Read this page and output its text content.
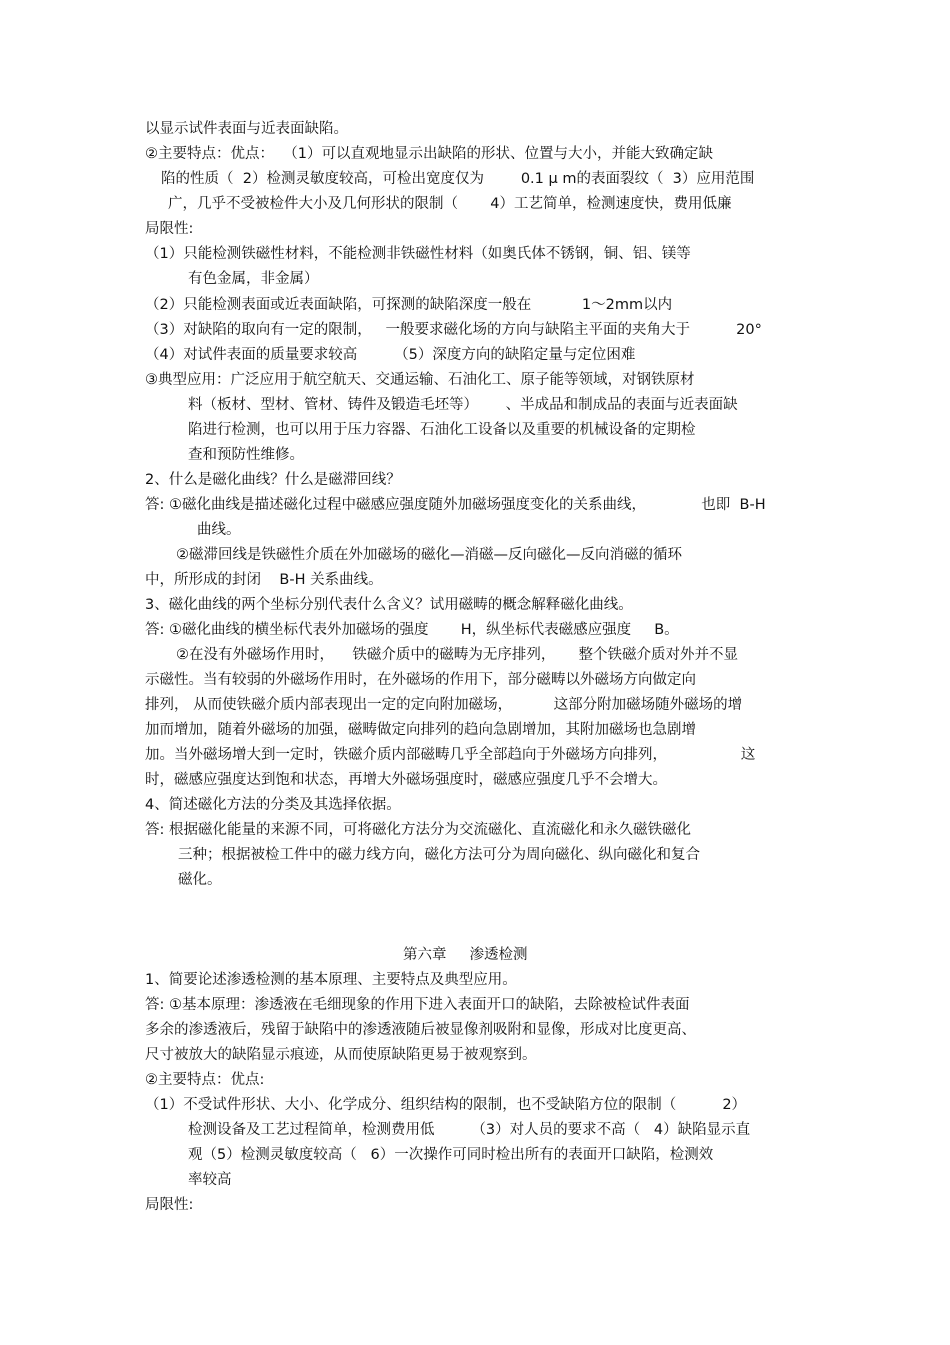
以显示试件表面与近表面缺陷。
②主要特点：优点：  （1）可以直观地显示出缺陷的形状、位置与大小，并能大致确定缺
陷的性质（  2）检测灵敏度较高，可检出宽度仅为        0.1 μ m的表面裂纹（  3）应用范围
广，几乎不受被检件大小及几何形状的限制（       4）工艺简单，检测速度快，费用低廉
局限性:
（1）只能检测铁磁性材料，不能检测非铁磁性材料（如奥氏体不锈钢，铜、铝、镁等
有色金属，非金属）
（2）只能检测表面或近表面缺陷，可探测的缺陷深度一般在           1～2mm以内
（3）对缺陷的取向有一定的限制，   一般要求磁化场的方向与缺陷主平面的夹角大于          20°
（4）对试件表面的质量要求较高        （5）深度方向的缺陷定量与定位困难
③典型应用：广泛应用于航空航天、交通运输、石油化工、原子能等领域，对钢铁原材
料（板材、型材、管材、铸件及锻造毛坯等）      、半成品和制成品的表面与近表面缺
陷进行检测，也可以用于压力容器、石油化工设备以及重要的机械设备的定期检
查和预防性维修。
2、什么是磁化曲线？什么是磁滞回线？
答: ①磁化曲线是描述磁化过程中磁感应强度随外加磁场强度变化的关系曲线，            也即  B-H
曲线。
②磁滞回线是铁磁性介质在外加磁场的磁化—消磁—反向磁化—反向消磁的循环
中，所形成的封闭    B-H 关系曲线。
3、磁化曲线的两个坐标分别代表什么含义？试用磁畴的概念解释磁化曲线。
答: ①磁化曲线的横坐标代表外加磁场的强度       H，纵坐标代表磁感应强度     B。
②在没有外磁场作用时，    铁磁介质中的磁畴为无序排列，     整个铁磁介质对外并不显
示磁性。当有较弱的外磁场作用时，在外磁场的作用下，部分磁畴以外磁场方向做定向
排列， 从而使铁磁介质内部表现出一定的定向附加磁场，         这部分附加磁场随外磁场的增
加而增加，随着外磁场的加强，磁畴做定向排列的趋向急剧增加，其附加磁场也急剧增
加。当外磁场增大到一定时，铁磁介质内部磁畴几乎全部趋向于外磁场方向排列，                这
时，磁感应强度达到饱和状态，再增大外磁场强度时，磁感应强度几乎不会增大。
4、简述磁化方法的分类及其选择依据。
答: 根据磁化能量的来源不同，可将磁化方法分为交流磁化、直流磁化和永久磁铁磁化
三种；根据被检工件中的磁力线方向，磁化方法可分为周向磁化、纵向磁化和复合
磁化。
第六章     渗透检测
1、简要论述渗透检测的基本原理、主要特点及典型应用。
答: ①基本原理：渗透液在毛细现象的作用下进入表面开口的缺陷，去除被检试件表面
多余的渗透液后，残留于缺陷中的渗透液随后被显像剂吸附和显像，形成对比度更高、
尺寸被放大的缺陷显示痕迹，从而使原缺陷更易于被观察到。
②主要特点：优点:
（1）不受试件形状、大小、化学成分、组织结构的限制，也不受缺陷方位的限制（          2）
检测设备及工艺过程简单，检测费用低        （3）对人员的要求不高（   4）缺陷显示直
观（5）检测灵敏度较高（   6）一次操作可同时检出所有的表面开口缺陷，检测效
率较高
局限性:
